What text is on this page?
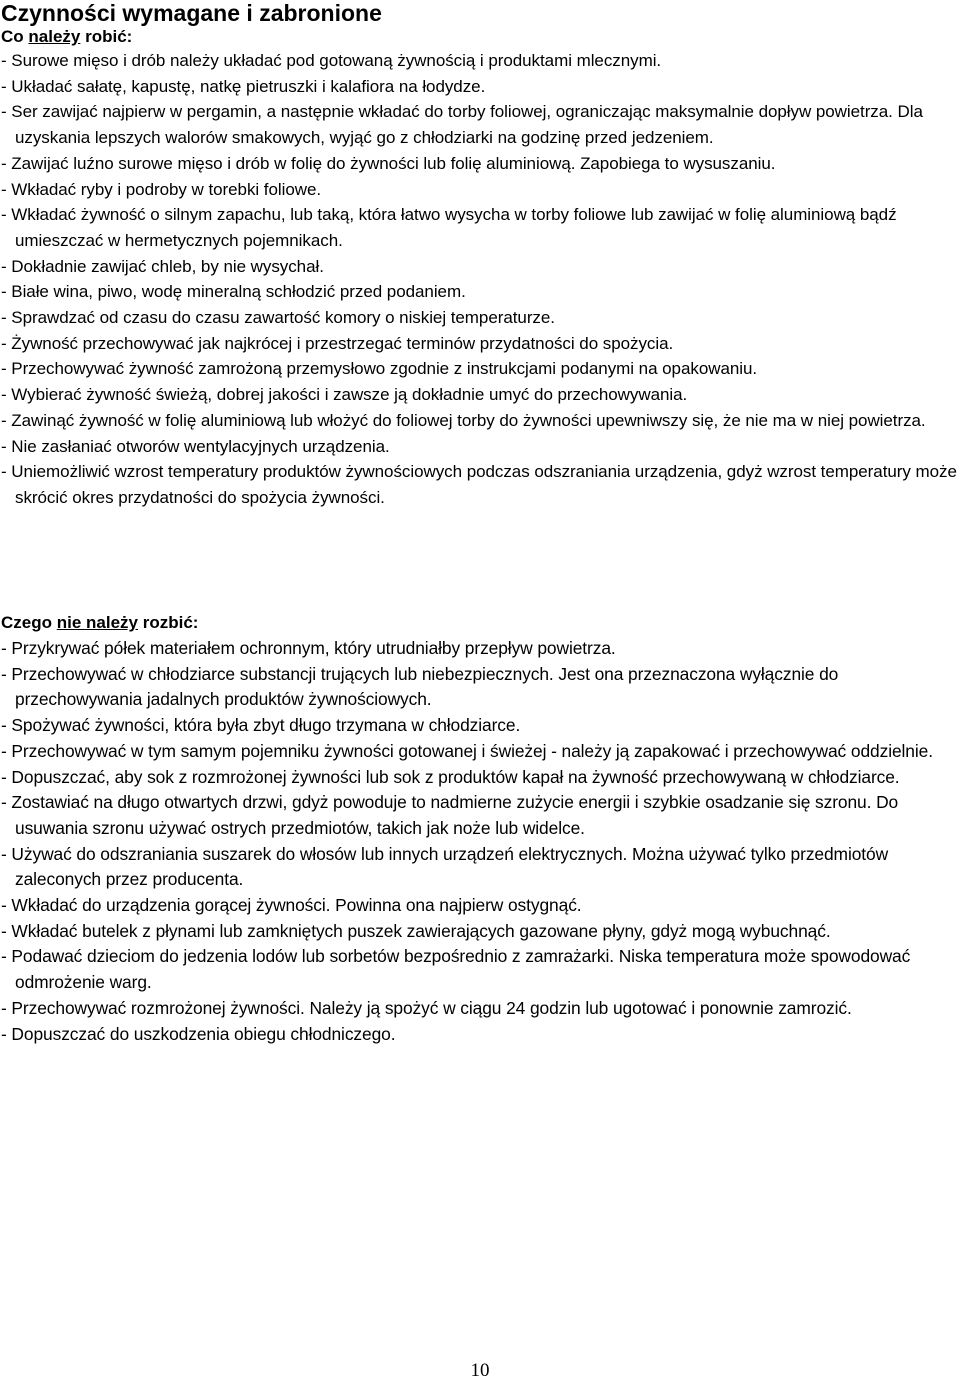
Czynności wymagane i zabronione
Co należy robić:
- Surowe mięso i drób należy układać pod gotowaną żywnością i produktami mlecznymi.
- Układać sałatę, kapustę, natkę pietruszki i kalafiora na łodydze.
- Ser zawijać najpierw w pergamin, a następnie wkładać do torby foliowej, ograniczając maksymalnie dopływ powietrza. Dla uzyskania lepszych walorów smakowych, wyjąć go z chłodziarki na godzinę przed jedzeniem.
- Zawijać luźno surowe mięso i drób w folię do żywności lub folię aluminiową. Zapobiega to wysuszaniu.
- Wkładać ryby i podroby w torebki foliowe.
- Wkładać żywność o silnym zapachu, lub taką, która łatwo wysycha w torby foliowe lub zawijać w folię aluminiową bądź umieszczać w hermetycznych pojemnikach.
- Dokładnie zawijać chleb, by nie wysychał.
- Białe wina, piwo, wodę mineralną schłodzić przed podaniem.
- Sprawdzać od czasu do czasu zawartość komory o niskiej temperaturze.
- Żywność przechowywać jak najkrócej i przestrzegać terminów przydatności do spożycia.
- Przechowywać żywność zamrożoną przemysłowo zgodnie z instrukcjami podanymi na opakowaniu.
- Wybierać żywność świeżą, dobrej jakości i zawsze ją dokładnie umyć do przechowywania.
- Zawinąć żywność w folię aluminiową lub włożyć do foliowej torby do żywności upewniwszy się, że nie ma w niej powietrza.
- Nie zasłaniać otworów wentylacyjnych urządzenia.
- Uniemożliwić wzrost temperatury produktów żywnościowych podczas odszraniania urządzenia, gdyż wzrost temperatury może skrócić okres przydatności do spożycia żywności.
Czego nie należy rozbić:
- Przykrywać półek materiałem ochronnym, który utrudniałby przepływ powietrza.
- Przechowywać w chłodziarce substancji trujących lub niebezpiecznych. Jest ona przeznaczona wyłącznie do przechowywania jadalnych produktów żywnościowych.
- Spożywać żywności, która była zbyt długo trzymana w chłodziarce.
- Przechowywać w tym samym pojemniku żywności gotowanej i świeżej - należy ją zapakować i przechowywać oddzielnie.
- Dopuszczać, aby sok z rozmrożonej żywności lub sok z produktów kapał na żywność przechowywaną w chłodziarce.
- Zostawiać na długo otwartych drzwi, gdyż powoduje to nadmierne zużycie energii i szybkie osadzanie się szronu. Do usuwania szronu używać ostrych przedmiotów, takich jak noże lub widelce.
- Używać do odszraniania suszarek do włosów lub innych urządzeń elektrycznych. Można używać tylko przedmiotów zaleconych przez producenta.
- Wkładać do urządzenia gorącej żywności. Powinna ona najpierw ostygnąć.
- Wkładać butelek z płynami lub zamkniętych puszek zawierających gazowane płyny, gdyż mogą wybuchnąć.
- Podawać dzieciom do jedzenia lodów lub sorbetów bezpośrednio z zamrażarki. Niska temperatura może spowodować odmrożenie warg.
- Przechowywać rozmrożonej żywności. Należy ją spożyć w ciągu 24 godzin lub ugotować i ponownie zamrozić.
- Dopuszczać do uszkodzenia obiegu chłodniczego.

10
